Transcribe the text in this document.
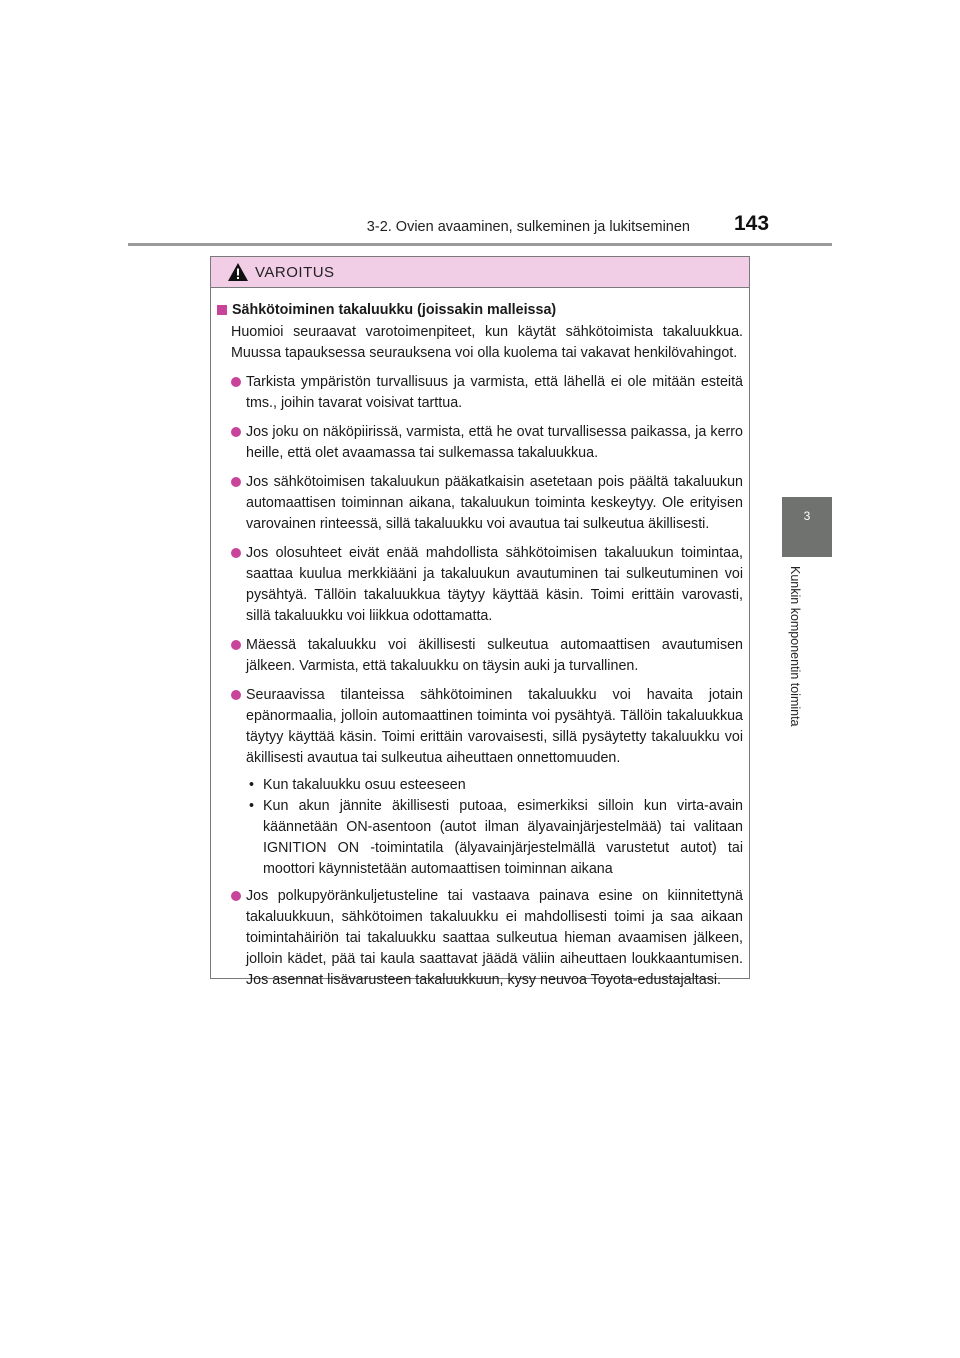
3-2. Ovien avaaminen, sulkeminen ja lukitseminen 143
3
Kunkin komponentin toiminta
VAROITUS
Sähkötoiminen takaluukku (joissakin malleissa)
Huomioi seuraavat varotoimenpiteet, kun käytät sähkötoimista takaluukkua. Muussa tapauksessa seurauksena voi olla kuolema tai vakavat henkilövahingot.
Tarkista ympäristön turvallisuus ja varmista, että lähellä ei ole mitään esteitä tms., joihin tavarat voisivat tarttua.
Jos joku on näköpiirissä, varmista, että he ovat turvallisessa paikassa, ja kerro heille, että olet avaamassa tai sulkemassa takaluukkua.
Jos sähkötoimisen takaluukun pääkatkaisin asetetaan pois päältä takaluukun automaattisen toiminnan aikana, takaluukun toiminta keskeytyy. Ole erityisen varovainen rinteessä, sillä takaluukku voi avautua tai sulkeutua äkillisesti.
Jos olosuhteet eivät enää mahdollista sähkötoimisen takaluukun toimintaa, saattaa kuulua merkkiääni ja takaluukun avautuminen tai sulkeutuminen voi pysähtyä. Tällöin takaluukkua täytyy käyttää käsin. Toimi erittäin varovasti, sillä takaluukku voi liikkua odottamatta.
Mäessä takaluukku voi äkillisesti sulkeutua automaattisen avautumisen jälkeen. Varmista, että takaluukku on täysin auki ja turvallinen.
Seuraavissa tilanteissa sähkötoiminen takaluukku voi havaita jotain epänormaalia, jolloin automaattinen toiminta voi pysähtyä. Tällöin takaluukkua täytyy käyttää käsin. Toimi erittäin varovaisesti, sillä pysäytetty takaluukku voi äkillisesti avautua tai sulkeutua aiheuttaen onnettomuuden.
• Kun takaluukku osuu esteeseen
• Kun akun jännite äkillisesti putoaa, esimerkiksi silloin kun virta-avain käännetään ON-asentoon (autot ilman älyavainjärjestelmää) tai valitaan IGNITION ON -toimintatila (älyavainjärjestelmällä varustetut autot) tai moottori käynnistetään automaattisen toiminnan aikana
Jos polkupyöränkuljetusteline tai vastaava painava esine on kiinnitettynä takaluukkuun, sähkötoimen takaluukku ei mahdollisesti toimi ja saa aikaan toimintahäiriön tai takaluukku saattaa sulkeutua hieman avaamisen jälkeen, jolloin kädet, pää tai kaula saattavat jäädä väliin aiheuttaen loukkaantumisen. Jos asennat lisävarusteen takaluukkuun, kysy neuvoa Toyota-edustajaltasi.
